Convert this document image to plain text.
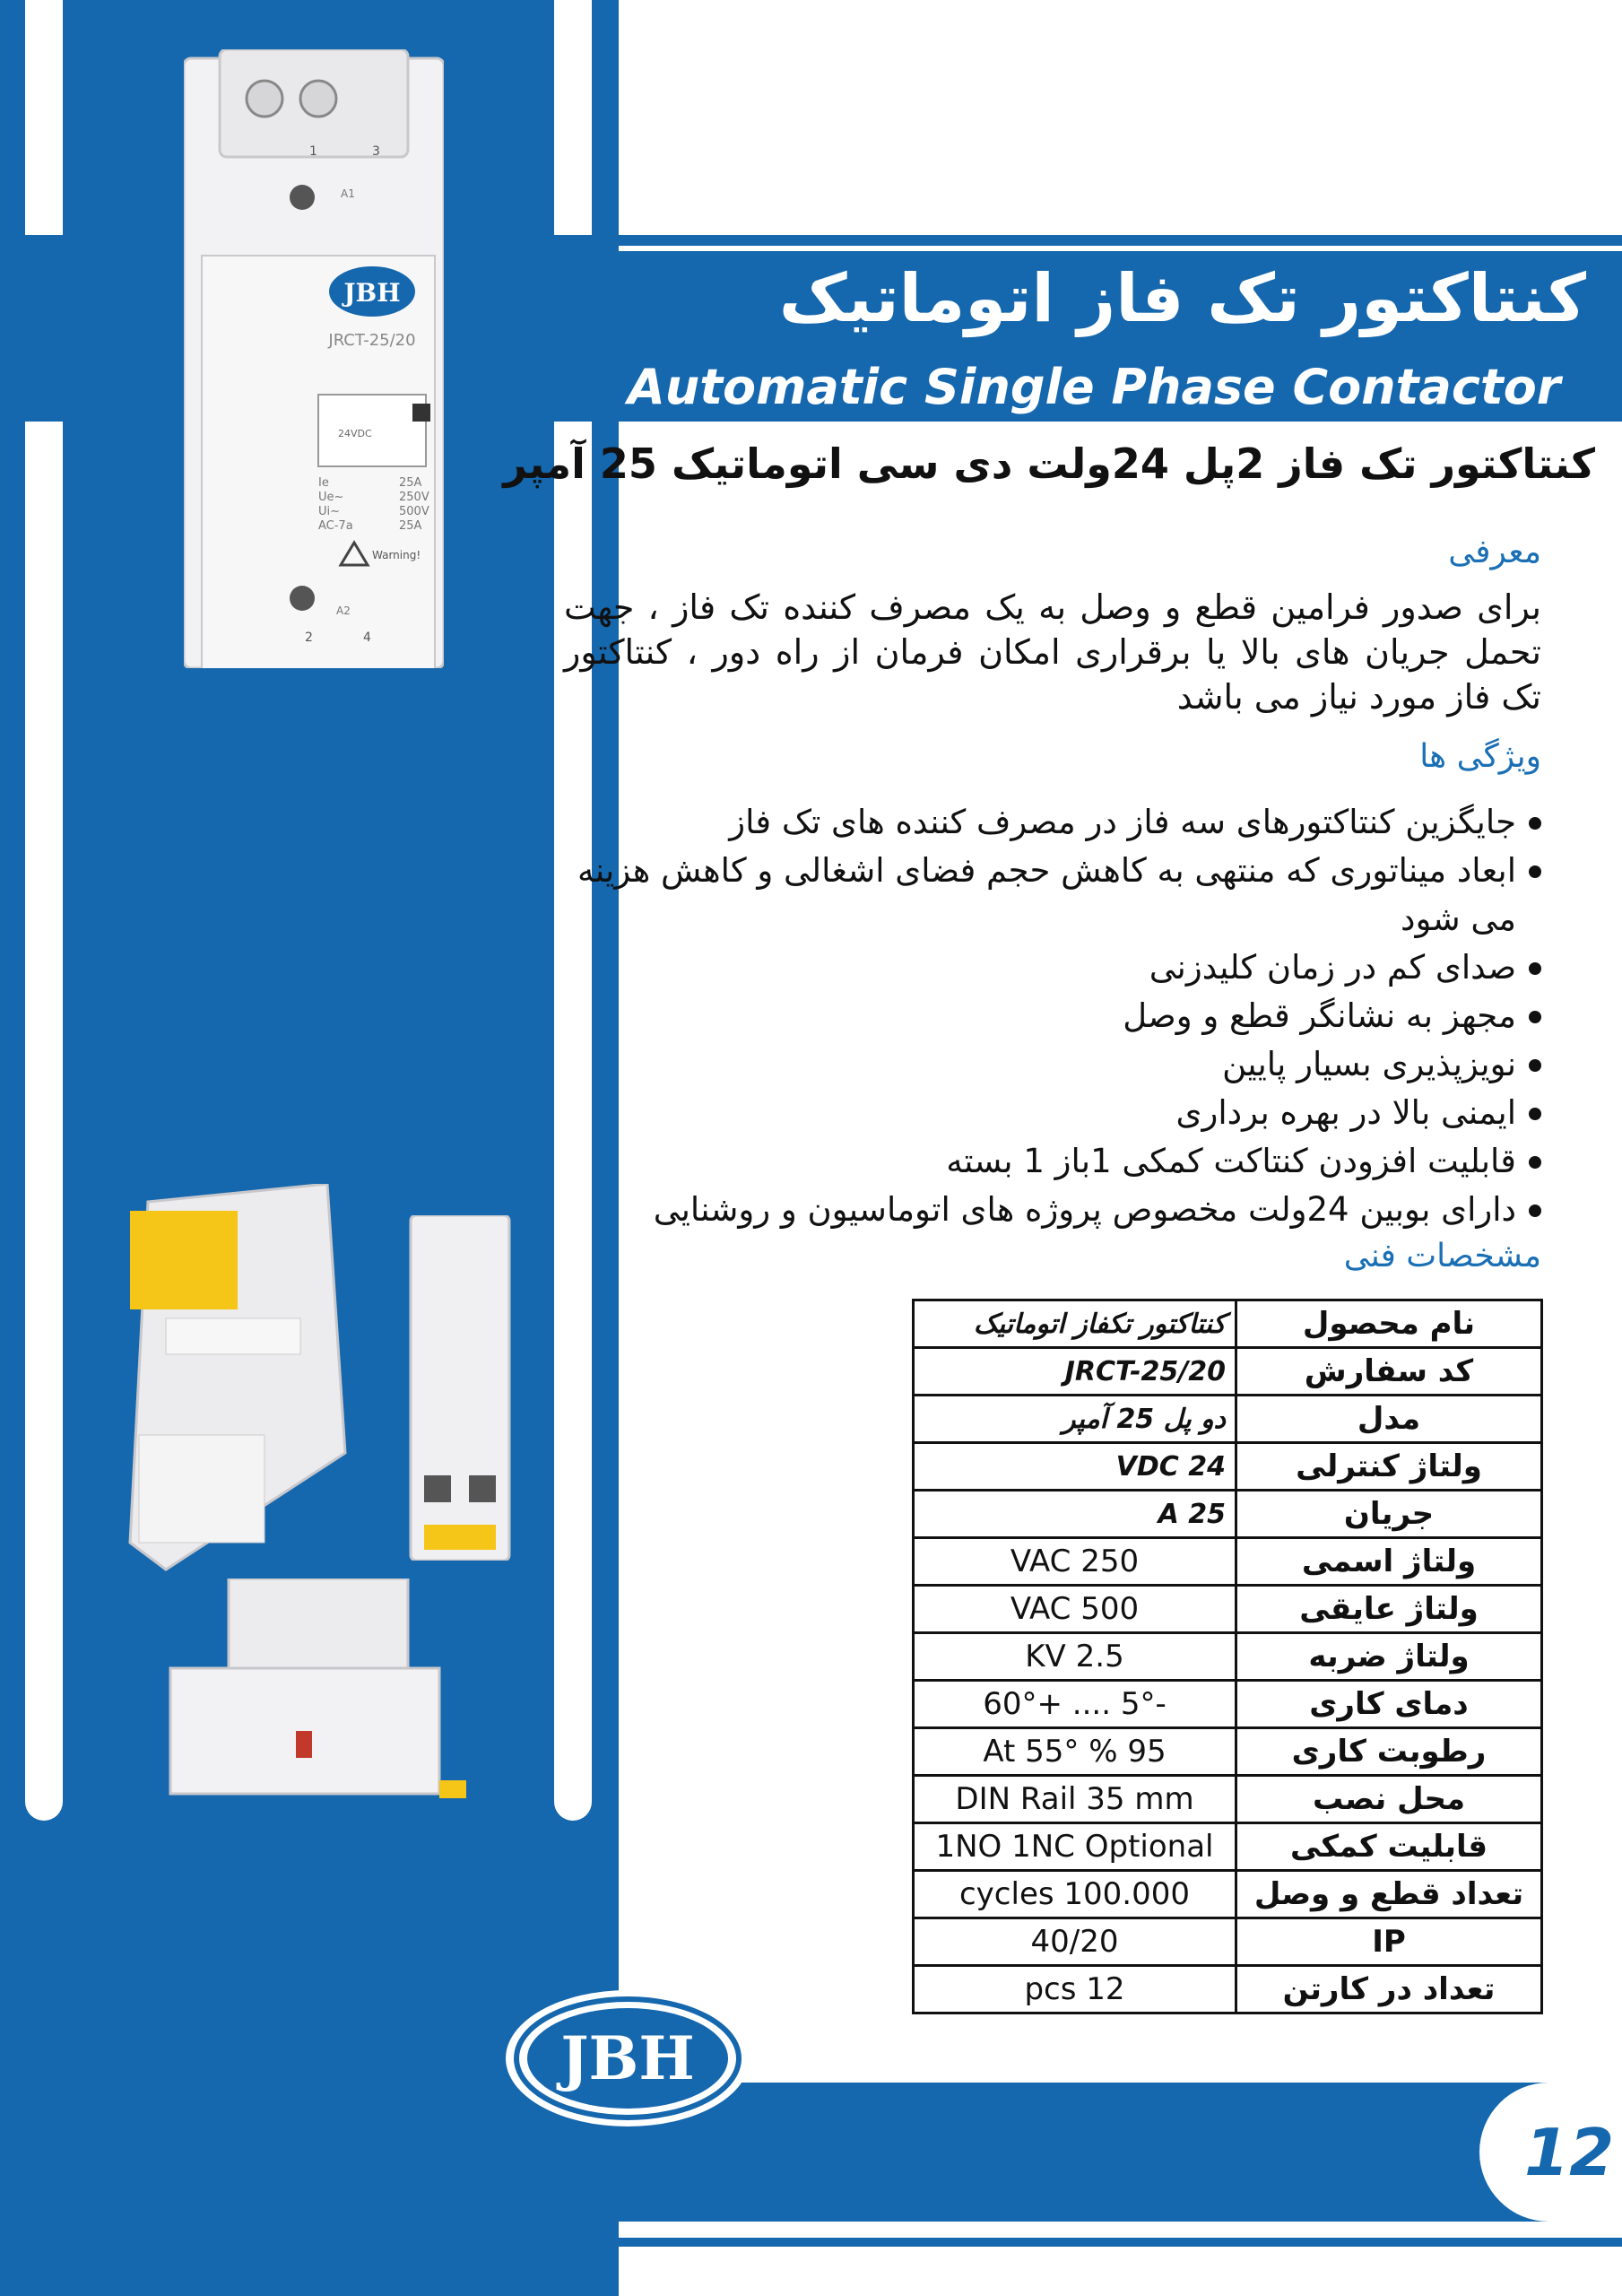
کنتاکتور تک فاز اتوماتیک
Automatic Single Phase Contactor
کنتاکتور تک فاز 2پل 24ولت دی سی اتوماتیک 25 آمپر
JBH
JRCT-25/20
24VDC
Ie	25A
Ue~	250V
Ui~	500V
AC-7a	25A
Warning!
1	3
A1
A2
2	4
معرفی
برای صدور فرامین قطع و وصل به یک مصرف کننده تک فاز ، جهت تحمل جریان های بالا یا برقراری امکان فرمان از راه دور ، کنتاکتور تک فاز مورد نیاز می باشد
ویژگی ها
جایگزین کنتاکتورهای سه فاز در مصرف کننده های تک فاز
ابعاد میناتوری که منتهی به کاهش حجم فضای اشغالی و کاهش هزینه می شود
صدای کم در زمان کلیدزنی
مجهز به نشانگر قطع و وصل
نویزپذیری بسیار پایین
ایمنی بالا در بهره برداری
قابلیت افزودن کنتاکت کمکی 1باز 1 بسته
دارای بوبین 24ولت مخصوص پروژه های اتوماسیون و روشنایی
مشخصات فنی
کنتاکتور تکفاز اتوماتیک	نام محصول
JRCT-25/20	کد سفارش
دو پل 25 آمپر	مدل
24 VDC	ولتاژ کنترلی
25 A	جریان
250 VAC	ولتاژ اسمی
500 VAC	ولتاژ عایقی
2.5 KV	ولتاژ ضربه
-5° .... +60°	دمای کاری
95 % At 55°	رطوبت کاری
DIN Rail 35 mm	محل نصب
1NO 1NC Optional	قابلیت کمکی
100.000 cycles	تعداد قطع و وصل
40/20	IP
12 pcs	تعداد در کارتن
12
JBH
